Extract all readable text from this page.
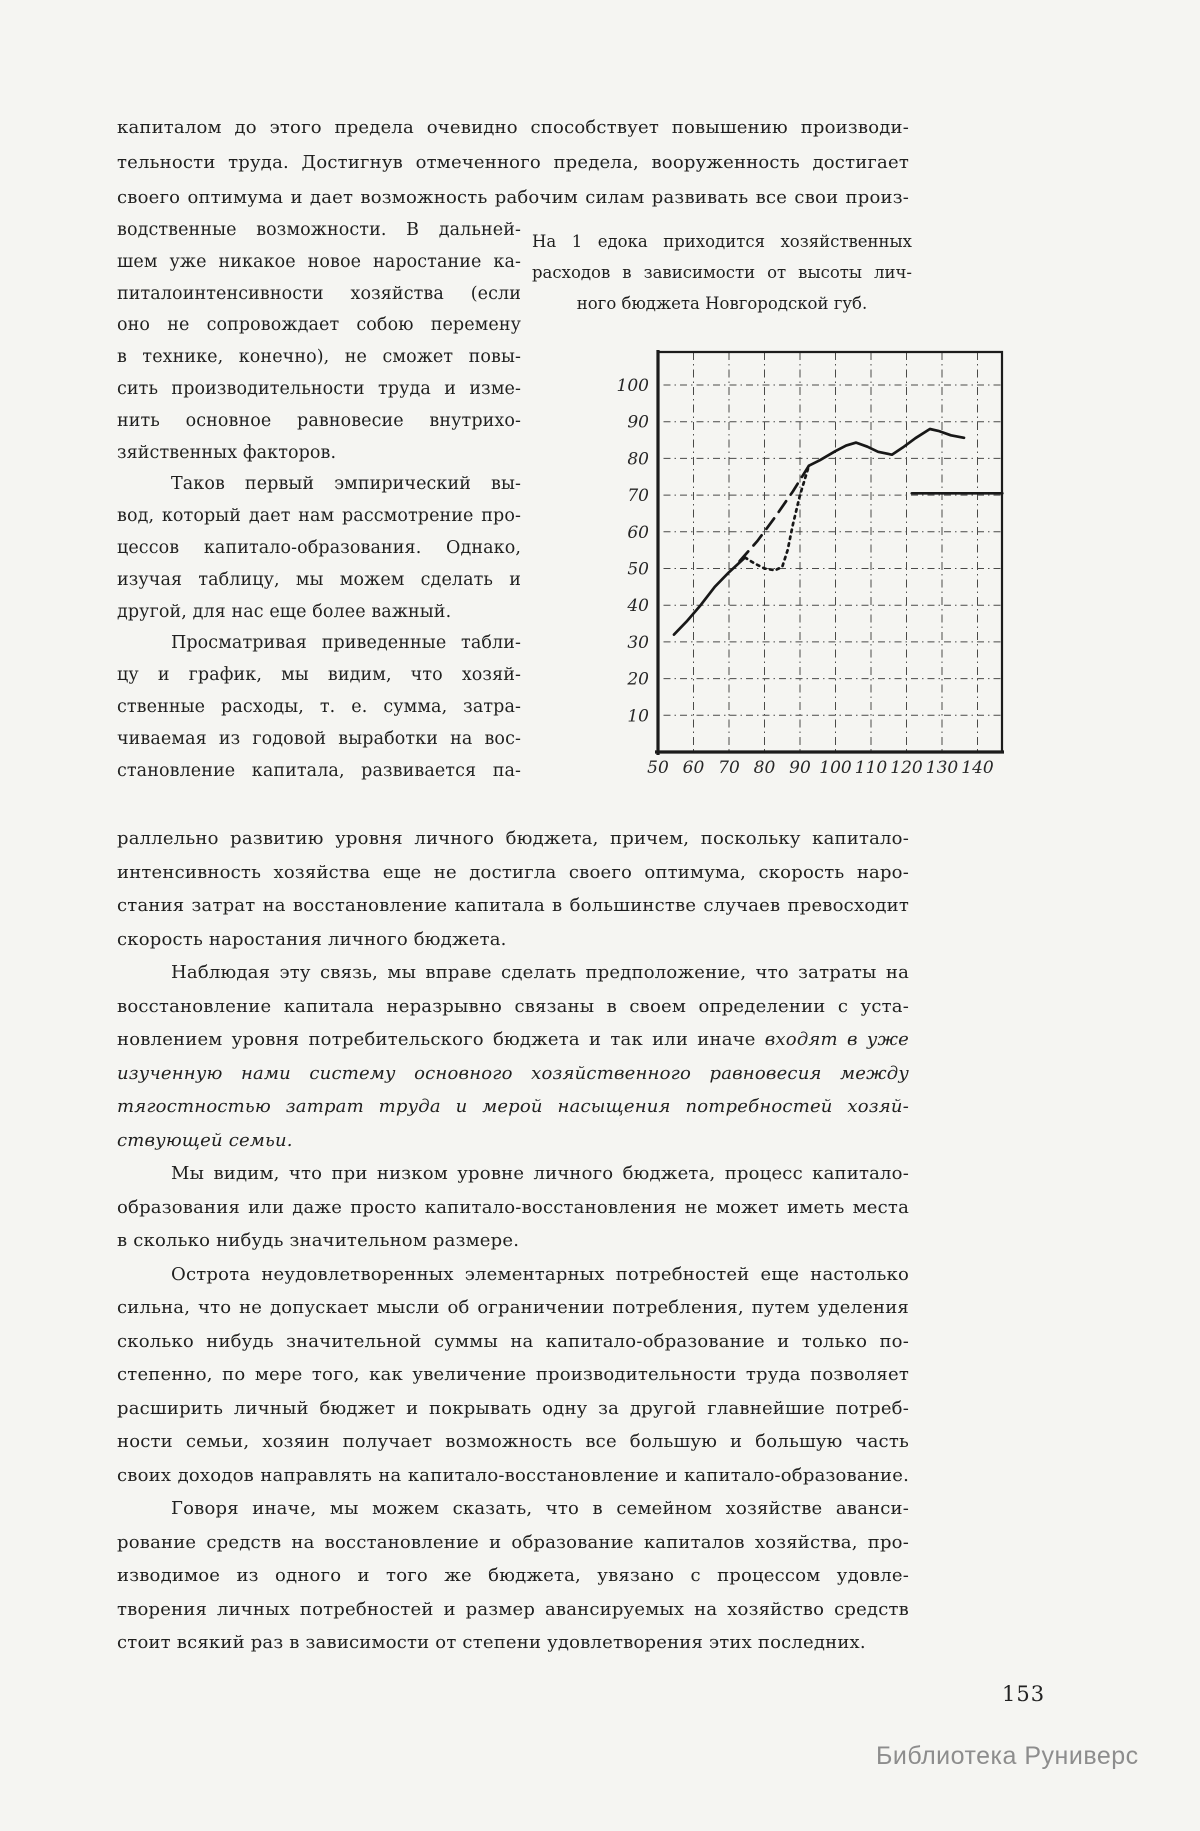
капиталом до этого предела очевидно способствует повышению производи-
тельности труда. Достигнув отмеченного предела, вооруженность достигает
своего оптимума и дает возможность рабочим силам развивать все свои произ-
водственные возможности. В дальней-
шем уже никакое новое наростание ка-
питалоинтенсивности хозяйства (если
оно не сопровождает собою перемену
в технике, конечно), не сможет повы-
сить производительности труда и изме-
нить основное равновесие внутрихо-
зяйственных факторов.
Таков первый эмпирический вы-
вод, который дает нам рассмотрение про-
цессов капитало-образования. Однако,
изучая таблицу, мы можем сделать и
другой, для нас еще более важный.
Просматривая приведенные табли-
цу и график, мы видим, что хозяй-
ственные расходы, т. е. сумма, затра-
чиваемая из годовой выработки на вос-
становление капитала, развивается па-
На 1 едока приходится хозяйственных
расходов в зависимости от высоты лич-
ного бюджета Новгородской губ.
10
20
30
40
50
60
70
80
90
100
50 60 70 80 90 100 110 120 130 140
раллельно развитию уровня личного бюджета, причем, поскольку капитало-
интенсивность хозяйства еще не достигла своего оптимума, скорость наро-
стания затрат на восстановление капитала в большинстве случаев превосходит
скорость наростания личного бюджета.
Наблюдая эту связь, мы вправе сделать предположение, что затраты на
восстановление капитала неразрывно связаны в своем определении с уста-
новлением уровня потребительского бюджета и так или иначе входят в уже
изученную нами систему основного хозяйственного равновесия между
тягостностью затрат труда и мерой насыщения потребностей хозяй-
ствующей семьи.
Мы видим, что при низком уровне личного бюджета, процесс капитало-
образования или даже просто капитало-восстановления не может иметь места
в сколько нибудь значительном размере.
Острота неудовлетворенных элементарных потребностей еще настолько
сильна, что не допускает мысли об ограничении потребления, путем уделения
сколько нибудь значительной суммы на капитало-образование и только по-
степенно, по мере того, как увеличение производительности труда позволяет
расширить личный бюджет и покрывать одну за другой главнейшие потреб-
ности семьи, хозяин получает возможность все большую и большую часть
своих доходов направлять на капитало-восстановление и капитало-образование.
Говоря иначе, мы можем сказать, что в семейном хозяйстве аванси-
рование средств на восстановление и образование капиталов хозяйства, про-
изводимое из одного и того же бюджета, увязано с процессом удовле-
творения личных потребностей и размер авансируемых на хозяйство средств
стоит всякий раз в зависимости от степени удовлетворения этих последних.
153
Библиотека Руниверс
